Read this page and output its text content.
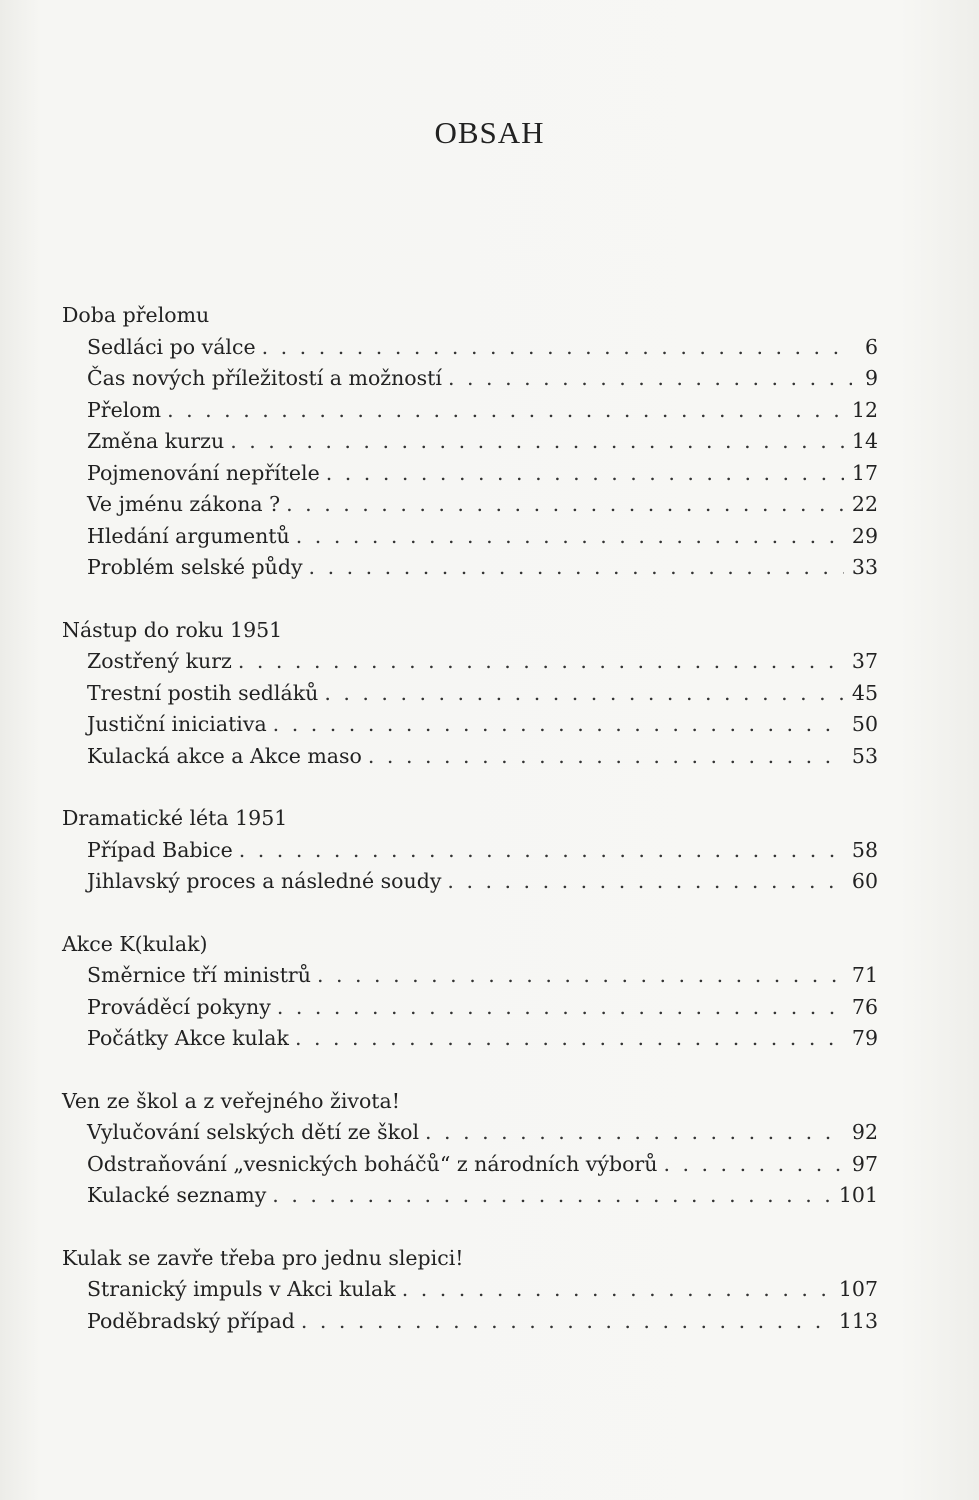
OBSAH
Doba přelomu
Sedláci po válce . . .	6
Čas nových příležitostí a možností . . .	9
Přelom . . .	12
Změna kurzu . . .	14
Pojmenování nepřítele . . .	17
Ve jménu zákona ? . . .	22
Hledání argumentů . . .	29
Problém selské půdy . . .	33
Nástup do roku 1951
Zostřený kurz . . .	37
Trestní postih sedláků . . .	45
Justiční iniciativa . . .	50
Kulacká akce a Akce maso . . .	53
Dramatické léta 1951
Případ Babice . . .	58
Jihlavský proces a následné soudy . . .	60
Akce K(kulak)
Směrnice tří ministrů . . .	71
Prováděcí pokyny . . .	76
Počátky Akce kulak . . .	79
Ven ze škol a z veřejného života!
Vylučování selských dětí ze škol . . .	92
Odstraňování „vesnických boháčů“ z národních výborů . . .	97
Kulacké seznamy . . .	101
Kulak se zavře třeba pro jednu slepici!
Stranický impuls v Akci kulak . . .	107
Poděbradský případ . . .	113
